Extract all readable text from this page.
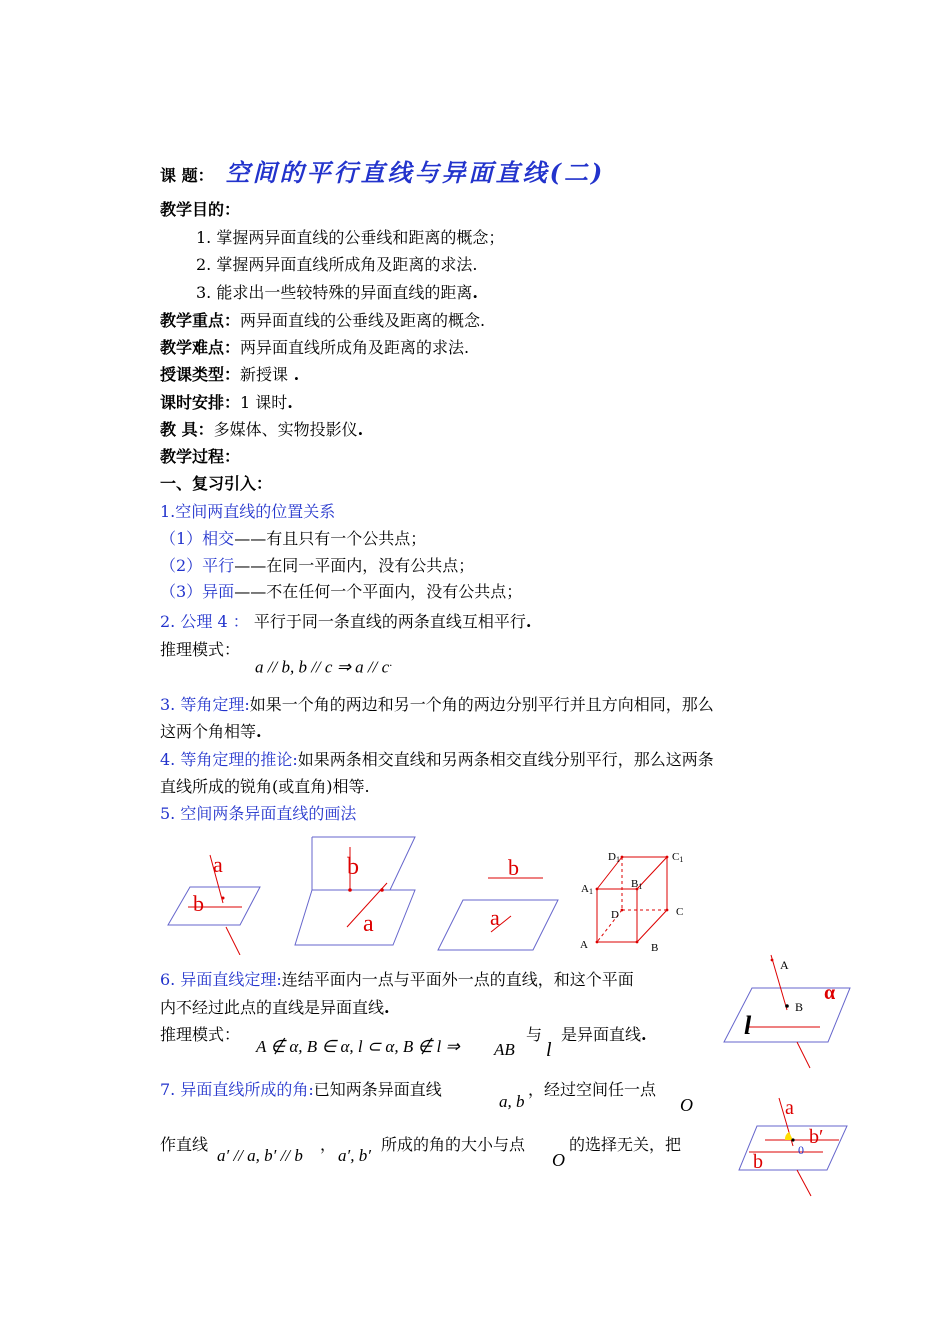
课 题： 空间的平行直线与异面直线(二)
教学目的：
1. 掌握两异面直线的公垂线和距离的概念；
2. 掌握两异面直线所成角及距离的求法.
3. 能求出一些较特殊的异面直线的距离.
教学重点：两异面直线的公垂线及距离的概念.
教学难点：两异面直线所成角及距离的求法.
授课类型：新授课 .
课时安排：1 课时.
教 具：多媒体、实物投影仪.
教学过程：
一、复习引入：
1.空间两直线的位置关系
（1）相交——有且只有一个公共点；
（2）平行——在同一平面内，没有公共点；
（3）异面——不在任何一个平面内，没有公共点；
2. 公理 4 ： 平行于同一条直线的两条直线互相平行.
推理模式：
a // b, b // c ⇒ a // c.
3. 等角定理:如果一个角的两边和另一个角的两边分别平行并且方向相同，那么
这两个角相等.
4. 等角定理的推论:如果两条相交直线和另两条相交直线分别平行，那么这两条
直线所成的锐角(或直角)相等.
5. 空间两条异面直线的画法
a
b
b
a
b
a
D1	C1
A1
B1
D	C
A	B
6. 异面直线定理:连结平面内一点与平面外一点的直线，和这个平面
内不经过此点的直线是异面直线.
推理模式：
A ∉ α, B ∈ α, l ⊂ α, B ∉ l ⇒ AB
与
l
是异面直线.
A
B
α
l
7. 异面直线所成的角:已知两条异面直线
a, b
，经过空间任一点
O
作直线
a′ // a, b′ // b
，
a′, b′
所成的角的大小与点
O
的选择无关，把
a
b′
b
0
